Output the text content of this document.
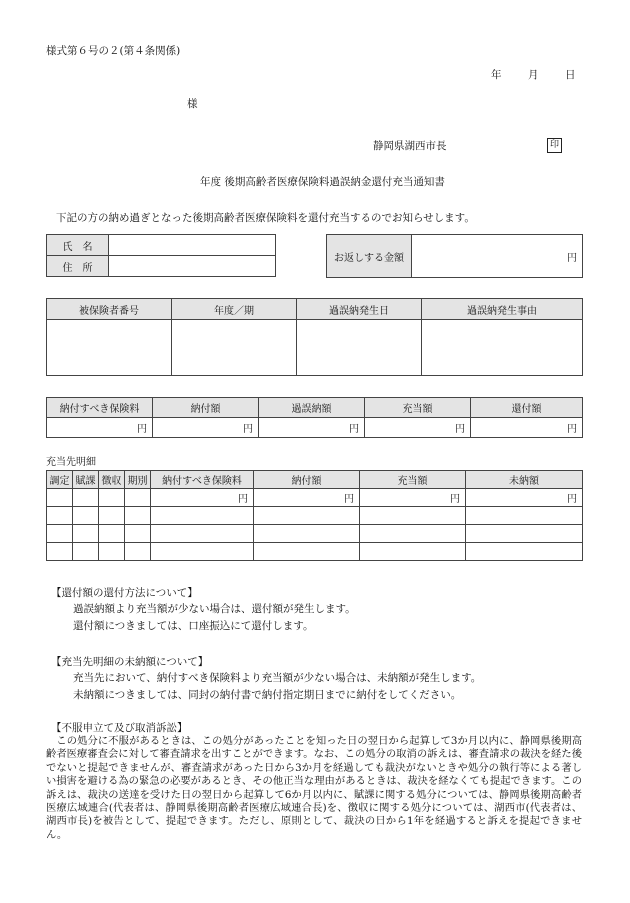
様式第６号の２(第４条関係)
年	月	日
様
静岡県湖西市長	印
年度 後期高齢者医療保険料過誤納金還付充当通知書
下記の方の納め過ぎとなった後期高齢者医療保険料を還付充当するのでお知らせします。
氏　名	
住　所	
お返しする金額	円
被保険者番号	年度／期	過誤納発生日	過誤納発生事由

納付すべき保険料	納付額	過誤納額	充当額	還付額
円	円	円	円	円
充当先明細
調定	賦課	徴収	期別	納付すべき保険料	納付額	充当額	未納額
				円	円	円	円

【還付額の還付方法について】
過誤納額より充当額が少ない場合は、還付額が発生します。
還付額につきましては、口座振込にて還付します。
【充当先明細の未納額について】
充当先において、納付すべき保険料より充当額が少ない場合は、未納額が発生します。
未納額につきましては、同封の納付書で納付指定期日までに納付をしてください。
【不服申立て及び取消訴訟】
　この処分に不服があるときは、この処分があったことを知った日の翌日から起算して3か月以内に、静岡県後期高齢者医療審査会に対して審査請求を出すことができます。なお、この処分の取消の訴えは、審査請求の裁決を経た後でないと提起できませんが、審査請求があった日から3か月を経過しても裁決がないときや処分の執行等による著しい損害を避ける為の緊急の必要があるとき、その他正当な理由があるときは、裁決を経なくても提起できます。この訴えは、裁決の送達を受けた日の翌日から起算して6か月以内に、賦課に関する処分については、静岡県後期高齢者医療広域連合(代表者は、静岡県後期高齢者医療広域連合長)を、徴収に関する処分については、湖西市(代表者は、湖西市長)を被告として、提起できます。ただし、原則として、裁決の日から1年を経過すると訴えを提起できません。
